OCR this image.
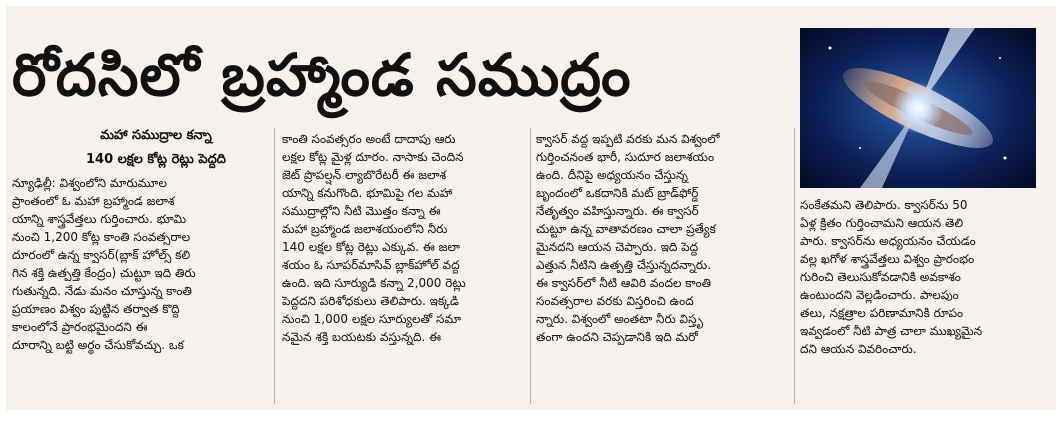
రోదసిలో బ్రహ్మాండ సముద్రం
మహా సముద్రాల కన్నా
140 లక్షల కోట్ల రెట్లు పెద్దది

న్యూఢిల్లీ: విశ్వంలోని మారుమూల

ప్రాంతంలో ఓ మహా బ్రహ్మాండ జలాశ

యాన్ని శాస్త్రవేత్తలు గుర్తించారు. భూమి

నుంచి 1,200 కోట్ల కాంతి సంవత్సరాల

దూరంలో ఉన్న క్వాసర్(బ్లాక్ హోల్స్ కలి

గిన శక్తి ఉత్పత్తి కేంద్రం) చుట్టూ ఇది తిరు

గుతున్నది. నేడు మనం చూస్తున్న కాంతి

ప్రయాణం విశ్వం పుట్టిన తర్వాత కొద్ది

కాలంలోనే ప్రారంభమైందని ఈ

దూరాన్ని బట్టి అర్థం చేసుకోవచ్చు. ఒక

కాంతి సంవత్సరం అంటే దాదాపు ఆరు

లక్షల కోట్ల మైళ్ల దూరం. నాసాకు చెందిన

జెట్ ప్రొపల్షన్ ల్యాబొరేటరీ ఈ జలాశ

యాన్ని కనుగొంది. భూమిపై గల మహా

సముద్రాల్లోని నీటి మొత్తం కన్నా ఈ

మహా బ్రహ్మాండ జలాశయంలోని నీరు

140 లక్షల కోట్ల రెట్లు ఎక్కువ. ఈ జలా

శయం ఓ సూపర్‌మాసివ్ బ్లాక్‌హోల్ వద్ద

ఉంది. ఇది సూర్యుడి కన్నా 2,000 రెట్లు

పెద్దదని పరిశోధకులు తెలిపారు. ఇక్కడి

నుంచి 1,000 లక్షల సూర్యులతో సమా

నమైన శక్తి బయటకు వస్తున్నది. ఈ

క్వాసర్ వద్ద ఇప్పటి వరకు మన విశ్వంలో

గుర్తించనంత భారీ, సుదూర జలాశయం

ఉంది. దీనిపై అధ్యయనం చేస్తున్న

బృందంలో ఒకదానికి మట్ బ్రాడ్‌ఫోర్డ్

నేతృత్వం వహిస్తున్నారు. ఈ క్వాసర్

చుట్టూ ఉన్న వాతావరణం చాలా ప్రత్యేక

మైనదని ఆయన చెప్పారు. ఇది పెద్ద

ఎత్తున నీటిని ఉత్పత్తి చేస్తున్నదన్నారు.

ఈ క్వాసర్‌లో నీటి ఆవిరి వందల కాంతి

సంవత్సరాల వరకు విస్తరించి ఉంద

న్నారు. విశ్వంలో అంతటా నీరు విస్తృ

తంగా ఉందని చెప్పడానికి ఇది మరో

సంకేతమని తెలిపారు. క్వాసర్‌ను 50

ఏళ్ల క్రితం గుర్తించామని ఆయన తెలి

పారు. క్వాసర్‌ను అధ్యయనం చేయడం

వల్ల ఖగోళ శాస్త్రవేత్తలు విశ్వం ప్రారంభం

గురించి తెలుసుకోవడానికి అవకాశం

ఉంటుందని వెల్లడించారు. పాలపుం

తలు, నక్షత్రాల పరిణామానికి రూపం

ఇవ్వడంలో నీటి పాత్ర చాలా ముఖ్యమైన

దని ఆయన వివరించారు.
